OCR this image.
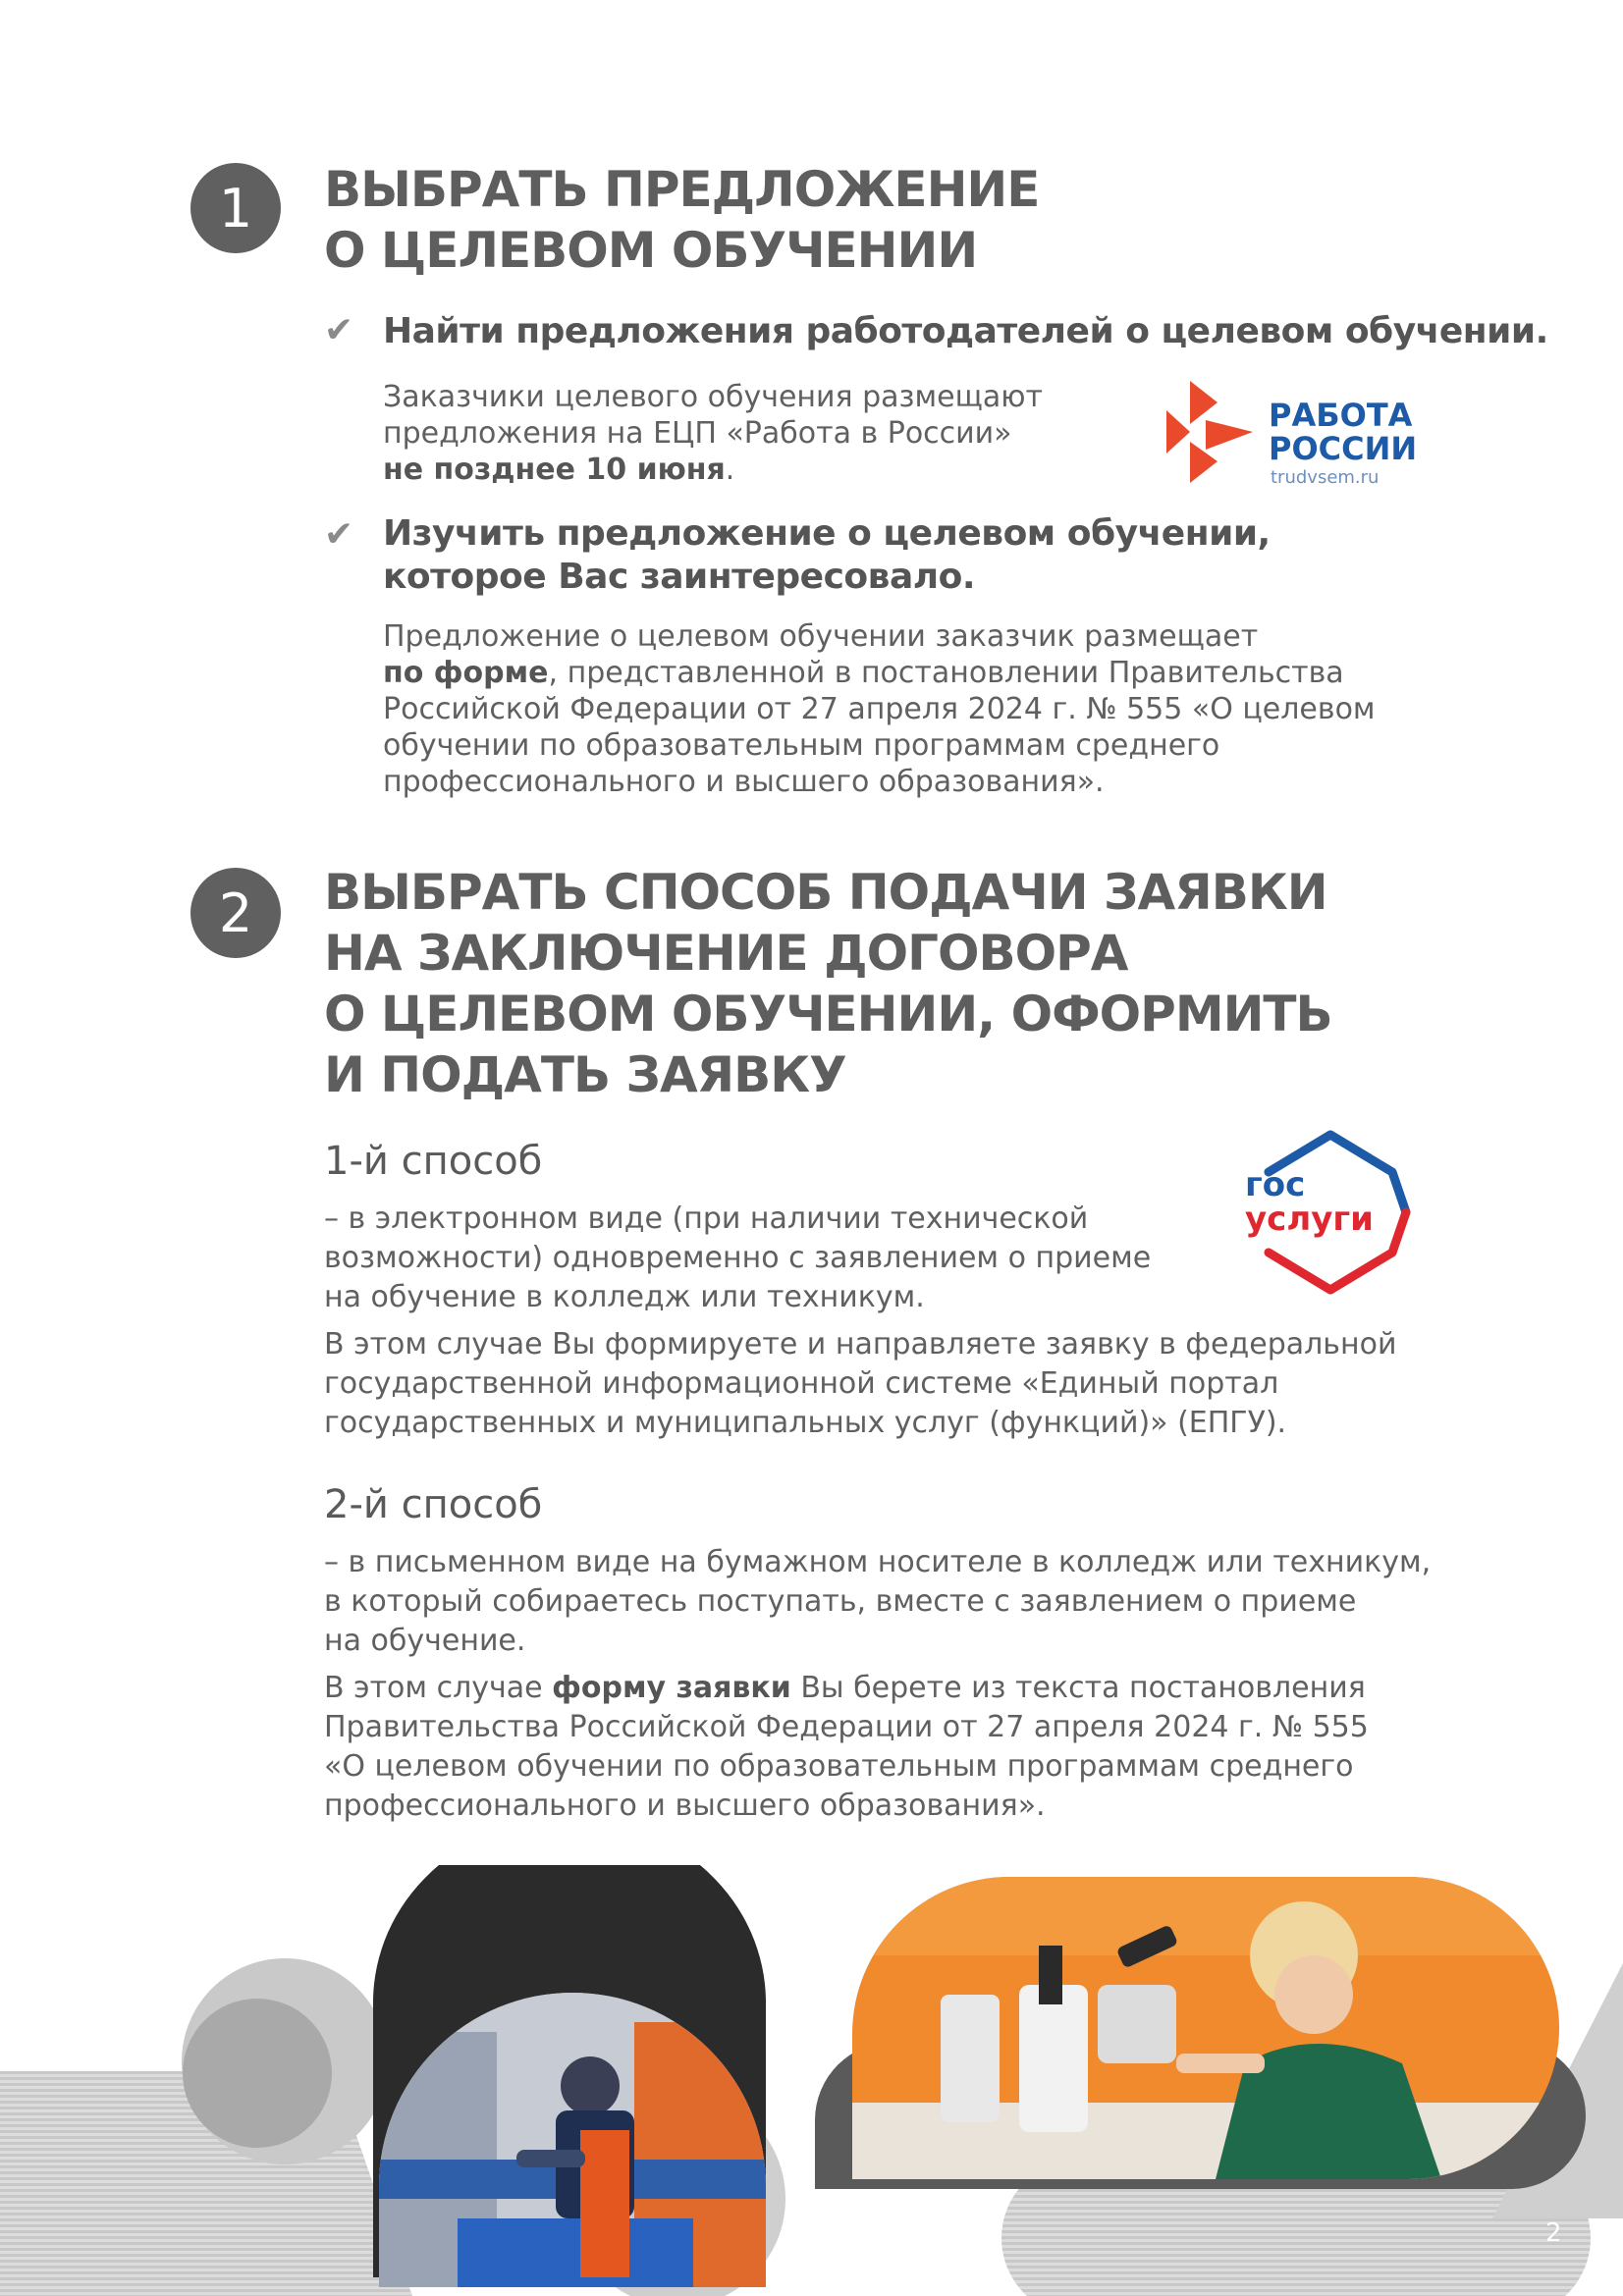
1 ВЫБРАТЬ ПРЕДЛОЖЕНИЕ
О ЦЕЛЕВОМ ОБУЧЕНИИ
✔ Найти предложения работодателей о целевом обучении.
Заказчики целевого обучения размещают
предложения на ЕЦП «Работа в России»
не позднее 10 июня.
РАБОТА
РОССИИ
trudvsem.ru
✔ Изучить предложение о целевом обучении,
которое Вас заинтересовало.
Предложение о целевом обучении заказчик размещает
по форме, представленной в постановлении Правительства
Российской Федерации от 27 апреля 2024 г. № 555 «О целевом
обучении по образовательным программам среднего
профессионального и высшего образования».
2 ВЫБРАТЬ СПОСОБ ПОДАЧИ ЗАЯВКИ
НА ЗАКЛЮЧЕНИЕ ДОГОВОРА
О ЦЕЛЕВОМ ОБУЧЕНИИ, ОФОРМИТЬ
И ПОДАТЬ ЗАЯВКУ
1-й способ
– в электронном виде (при наличии технической
возможности) одновременно с заявлением о приеме
на обучение в колледж или техникум.
В этом случае Вы формируете и направляете заявку в федеральной
государственной информационной системе «Единый портал
государственных и муниципальных услуг (функций)» (ЕПГУ).
гос
услуги
2-й способ
– в письменном виде на бумажном носителе в колледж или техникум,
в который собираетесь поступать, вместе с заявлением о приеме
на обучение.
В этом случае форму заявки Вы берете из текста постановления
Правительства Российской Федерации от 27 апреля 2024 г. № 555
«О целевом обучении по образовательным программам среднего
профессионального и высшего образования».
2
